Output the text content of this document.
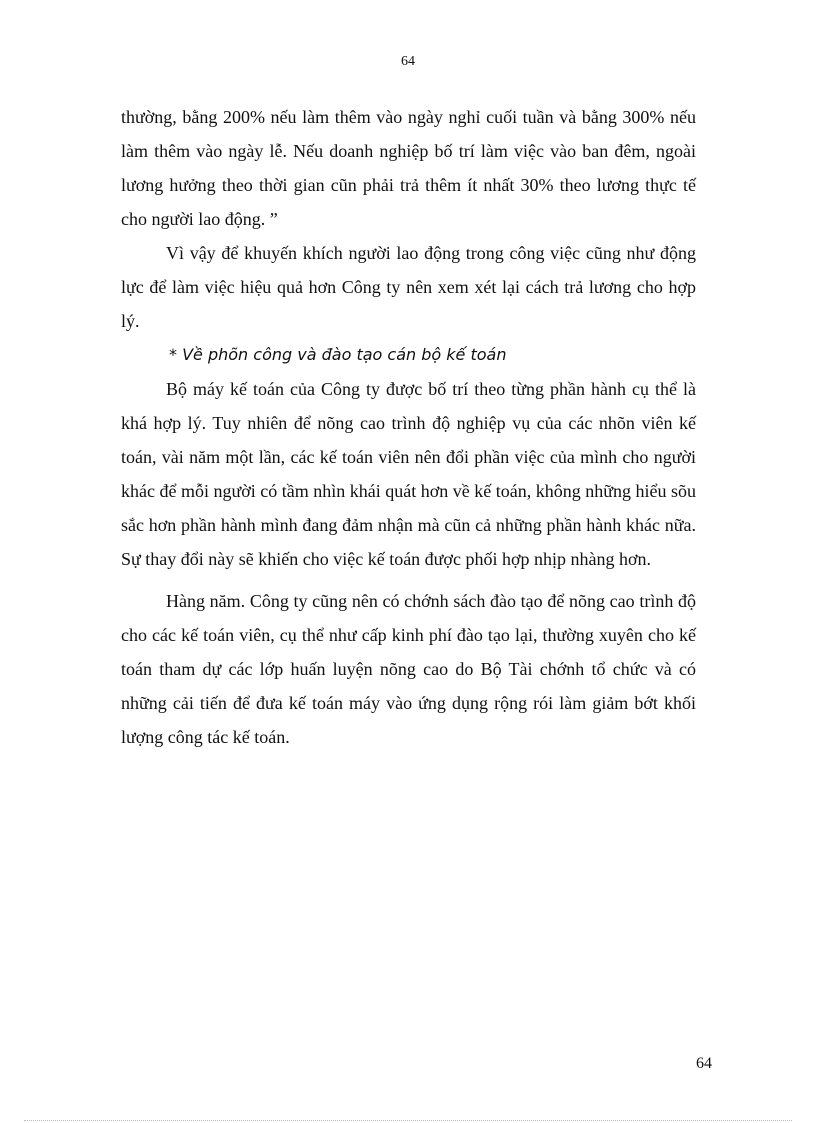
64

thường, bằng 200% nếu làm thêm vào ngày nghỉ cuối tuần và bằng 300% nếu làm thêm vào ngày lễ. Nếu doanh nghiệp bố trí làm việc vào ban đêm, ngoài lương hưởng theo thời gian cũn phải trả thêm ít nhất 30% theo lương thực tế cho người lao động. ”

Vì vậy để khuyến khích người lao động trong công việc cũng như động lực để làm việc hiệu quả hơn Công ty nên xem xét lại cách trả lương cho hợp lý.

* Về phõn công và đào tạo cán bộ kế toán

Bộ máy kế toán của Công ty được bố trí theo từng phần hành cụ thể là khá hợp lý. Tuy nhiên để nõng cao trình độ nghiệp vụ của các nhõn viên kế toán, vài năm một lần, các kế toán viên nên đổi phần việc của mình cho người khác để mỗi người có tầm nhìn khái quát hơn về kế toán, không những hiểu sõu sắc hơn phần hành mình đang đảm nhận mà cũn cả những phần hành khác nữa. Sự thay đổi này sẽ khiến cho việc kế toán được phối hợp nhịp nhàng hơn.

Hàng năm. Công ty cũng nên có chớnh sách đào tạo để nõng cao trình độ cho các kế toán viên, cụ thể như cấp kinh phí đào tạo lại, thường xuyên cho kế toán tham dự các lớp huấn luyện nõng cao do Bộ Tài chớnh tổ chức và có những cải tiến để đưa kế toán máy vào ứng dụng rộng rói làm giảm bớt khối lượng công tác kế toán.

64
